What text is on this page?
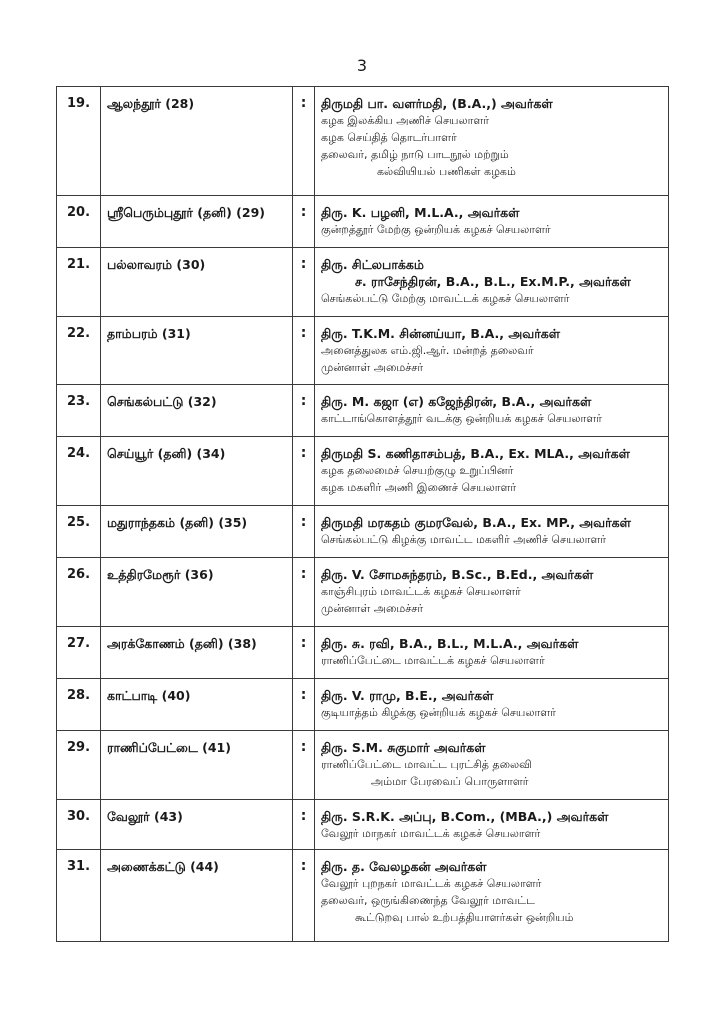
3
19.	ஆலந்தூர் (28)	:	திருமதி பா. வளர்மதி, (B.A.,) அவர்கள்
கழக இலக்கிய அணிச் செயலாளர்
கழக செய்தித் தொடர்பாளர்
தலைவர், தமிழ் நாடு பாடநூல் மற்றும்
கல்வியியல் பணிகள் கழகம்

20.	ஸ்ரீபெரும்புதூர் (தனி) (29)	:	திரு. K. பழனி, M.L.A., அவர்கள்
குன்றத்தூர் மேற்கு ஒன்றியக் கழகச் செயலாளர்

21.	பல்லாவரம் (30)	:	திரு. சிட்லபாக்கம்
ச. ராசேந்திரன், B.A., B.L., Ex.M.P., அவர்கள்
செங்கல்பட்டு மேற்கு மாவட்டக் கழகச் செயலாளர்

22.	தாம்பரம் (31)	:	திரு. T.K.M. சின்னய்யா, B.A., அவர்கள்
அனைத்துலக எம்.ஜி.ஆர். மன்றத் தலைவர்
முன்னாள் அமைச்சர்

23.	செங்கல்பட்டு (32)	:	திரு. M. கஜா (எ) கஜேந்திரன், B.A., அவர்கள்
காட்டாங்கொளத்தூர் வடக்கு ஒன்றியக் கழகச் செயலாளர்

24.	செய்யூர் (தனி) (34)	:	திருமதி S. கணிதாசம்பத், B.A., Ex. MLA., அவர்கள்
கழக தலைமைச் செயற்குழு உறுப்பினர்
கழக மகளிர் அணி இணைச் செயலாளர்

25.	மதுராந்தகம் (தனி) (35)	:	திருமதி மரகதம் குமரவேல், B.A., Ex. MP., அவர்கள்
செங்கல்பட்டு கிழக்கு மாவட்ட மகளிர் அணிச் செயலாளர்

26.	உத்திரமேரூர் (36)	:	திரு. V. சோமசுந்தரம், B.Sc., B.Ed., அவர்கள்
காஞ்சிபுரம் மாவட்டக் கழகச் செயலாளர்
முன்னாள் அமைச்சர்

27.	அரக்கோணம் (தனி) (38)	:	திரு. சு. ரவி, B.A., B.L., M.L.A., அவர்கள்
ராணிப்பேட்டை மாவட்டக் கழகச் செயலாளர்

28.	காட்பாடி (40)	:	திரு. V. ராமு, B.E., அவர்கள்
குடியாத்தம் கிழக்கு ஒன்றியக் கழகச் செயலாளர்

29.	ராணிப்பேட்டை (41)	:	திரு. S.M. சுகுமார் அவர்கள்
ராணிப்பேட்டை மாவட்ட புரட்சித் தலைவி
அம்மா பேரவைப் பொருளாளர்

30.	வேலூர் (43)	:	திரு. S.R.K. அப்பு, B.Com., (MBA.,) அவர்கள்
வேலூர் மாநகர் மாவட்டக் கழகச் செயலாளர்

31.	அணைக்கட்டு (44)	:	திரு. த. வேலழகன் அவர்கள்
வேலூர் புறநகர் மாவட்டக் கழகச் செயலாளர்
தலைவர், ஒருங்கிணைந்த வேலூர் மாவட்ட
கூட்டுறவு பால் உற்பத்தியாளர்கள் ஒன்றியம்
